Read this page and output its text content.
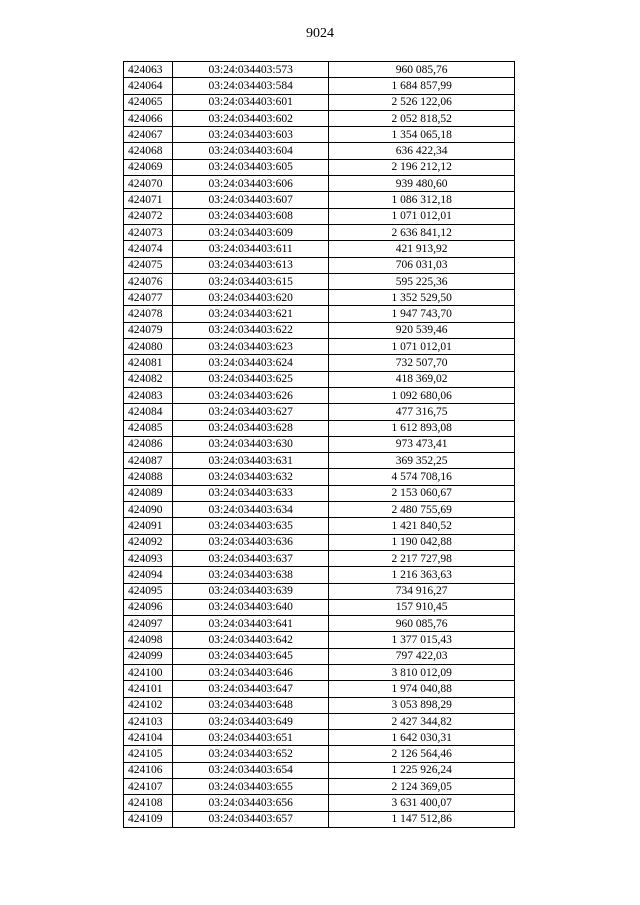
9024
424063	03:24:034403:573	960 085,76
424064	03:24:034403:584	1 684 857,99
424065	03:24:034403:601	2 526 122,06
424066	03:24:034403:602	2 052 818,52
424067	03:24:034403:603	1 354 065,18
424068	03:24:034403:604	636 422,34
424069	03:24:034403:605	2 196 212,12
424070	03:24:034403:606	939 480,60
424071	03:24:034403:607	1 086 312,18
424072	03:24:034403:608	1 071 012,01
424073	03:24:034403:609	2 636 841,12
424074	03:24:034403:611	421 913,92
424075	03:24:034403:613	706 031,03
424076	03:24:034403:615	595 225,36
424077	03:24:034403:620	1 352 529,50
424078	03:24:034403:621	1 947 743,70
424079	03:24:034403:622	920 539,46
424080	03:24:034403:623	1 071 012,01
424081	03:24:034403:624	732 507,70
424082	03:24:034403:625	418 369,02
424083	03:24:034403:626	1 092 680,06
424084	03:24:034403:627	477 316,75
424085	03:24:034403:628	1 612 893,08
424086	03:24:034403:630	973 473,41
424087	03:24:034403:631	369 352,25
424088	03:24:034403:632	4 574 708,16
424089	03:24:034403:633	2 153 060,67
424090	03:24:034403:634	2 480 755,69
424091	03:24:034403:635	1 421 840,52
424092	03:24:034403:636	1 190 042,88
424093	03:24:034403:637	2 217 727,98
424094	03:24:034403:638	1 216 363,63
424095	03:24:034403:639	734 916,27
424096	03:24:034403:640	157 910,45
424097	03:24:034403:641	960 085,76
424098	03:24:034403:642	1 377 015,43
424099	03:24:034403:645	797 422,03
424100	03:24:034403:646	3 810 012,09
424101	03:24:034403:647	1 974 040,88
424102	03:24:034403:648	3 053 898,29
424103	03:24:034403:649	2 427 344,82
424104	03:24:034403:651	1 642 030,31
424105	03:24:034403:652	2 126 564,46
424106	03:24:034403:654	1 225 926,24
424107	03:24:034403:655	2 124 369,05
424108	03:24:034403:656	3 631 400,07
424109	03:24:034403:657	1 147 512,86
